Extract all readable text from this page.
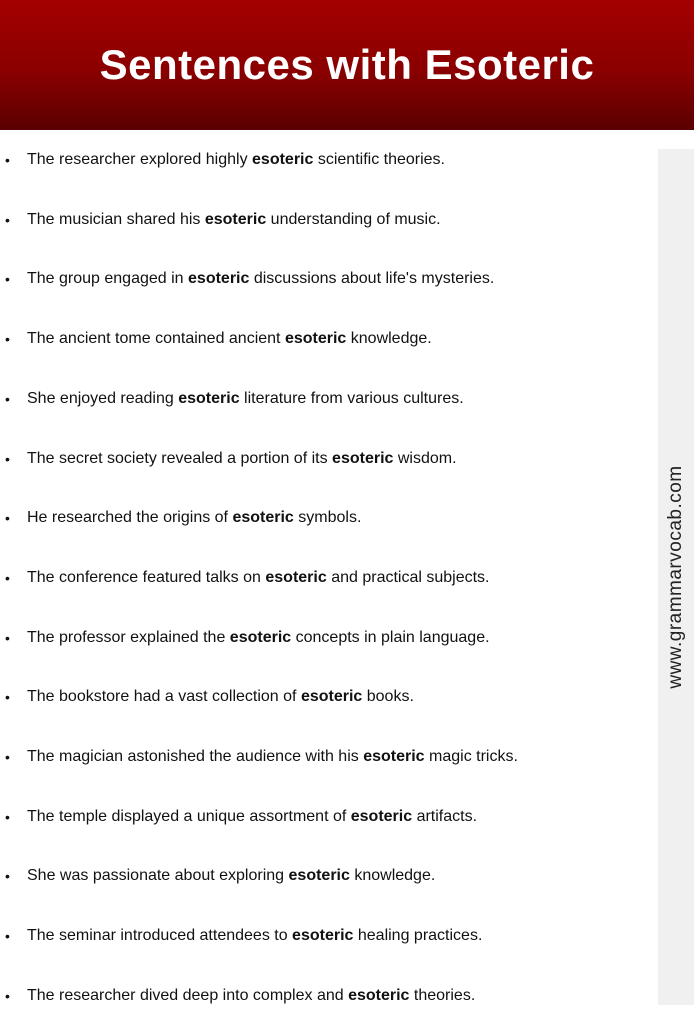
Sentences with Esoteric
• The researcher explored highly esoteric scientific theories.
• The musician shared his esoteric understanding of music.
• The group engaged in esoteric discussions about life's mysteries.
• The ancient tome contained ancient esoteric knowledge.
• She enjoyed reading esoteric literature from various cultures.
• The secret society revealed a portion of its esoteric wisdom.
• He researched the origins of esoteric symbols.
• The conference featured talks on esoteric and practical subjects.
• The professor explained the esoteric concepts in plain language.
• The bookstore had a vast collection of esoteric books.
• The magician astonished the audience with his esoteric magic tricks.
• The temple displayed a unique assortment of esoteric artifacts.
• She was passionate about exploring esoteric knowledge.
• The seminar introduced attendees to esoteric healing practices.
• The researcher dived deep into complex and esoteric theories.
www.grammarvocab.com
